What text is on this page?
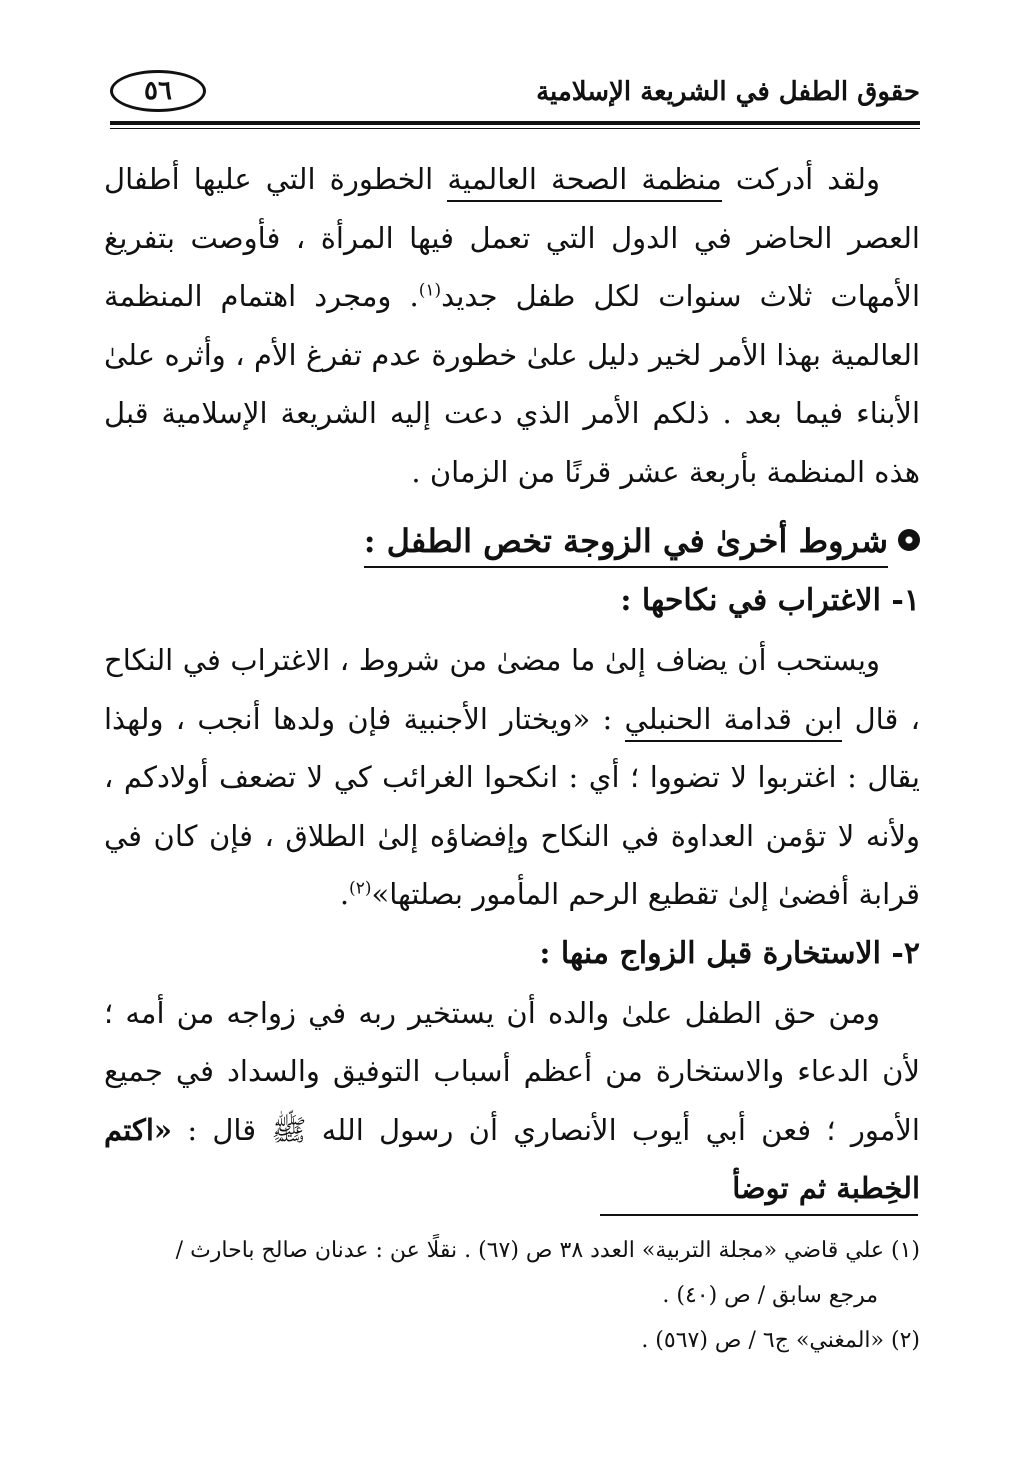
حقوق الطفل في الشريعة الإسلامية
٥٦

ولقد أدركت منظمة الصحة العالمية الخطورة التي عليها أطفال العصر الحاضر في الدول التي تعمل فيها المرأة ، فأوصت بتفريغ الأمهات ثلاث سنوات لكل طفل جديد$^{(١)}$. ومجرد اهتمام المنظمة العالمية بهذا الأمر لخير دليل علىٰ خطورة عدم تفرغ الأم ، وأثره علىٰ الأبناء فيما بعد . ذلكم الأمر الذي دعت إليه الشريعة الإسلامية قبل هذه المنظمة بأربعة عشر قرنًا من الزمان .

شروط أخرىٰ في الزوجة تخص الطفل :
١- الاغتراب في نكاحها :

ويستحب أن يضاف إلىٰ ما مضىٰ من شروط ، الاغتراب في النكاح ، قال ابن قدامة الحنبلي : «ويختار الأجنبية فإن ولدها أنجب ، ولهذا يقال : اغتربوا لا تضووا ؛ أي : انكحوا الغرائب كي لا تضعف أولادكم ، ولأنه لا تؤمن العداوة في النكاح وإفضاؤه إلىٰ الطلاق ، فإن كان في قرابة أفضىٰ إلىٰ تقطيع الرحم المأمور بصلتها»$^{(٢)}$.

٢- الاستخارة قبل الزواج منها :

ومن حق الطفل علىٰ والده أن يستخير ربه في زواجه من أمه ؛ لأن الدعاء والاستخارة من أعظم أسباب التوفيق والسداد في جميع الأمور ؛ فعن أبي أيوب الأنصاري أن رسول الله ﷺ قال : «اكتم الخِطبة ثم توضأ

(١) علي قاضي «مجلة التربية» العدد ٣٨ ص (٦٧) . نقلًا عن : عدنان صالح باحارث /

مرجع سابق / ص (٤٠) .

(٢) «المغني» ج٦ / ص (٥٦٧) .
